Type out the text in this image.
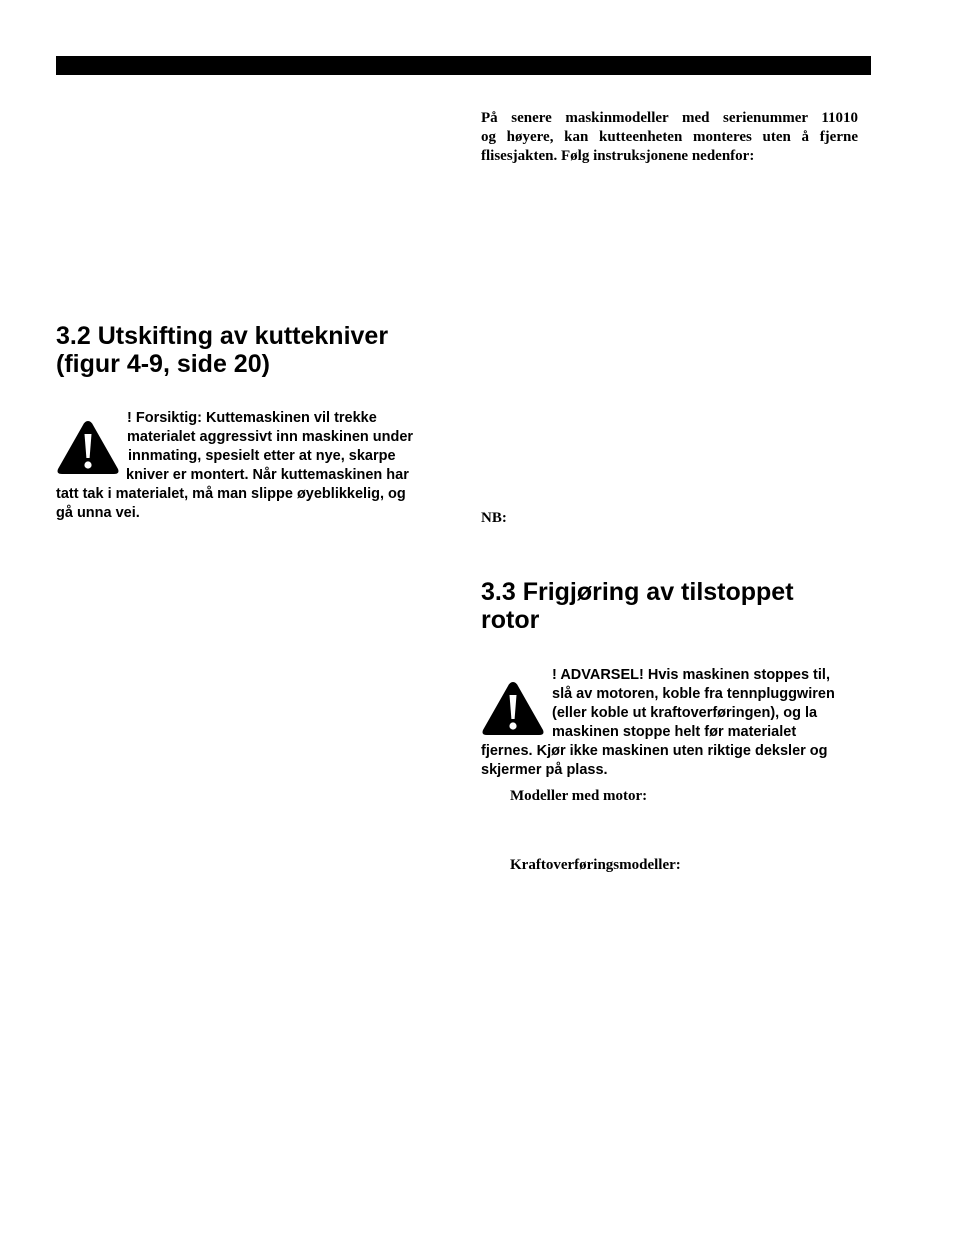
På senere maskinmodeller med serienummer 11010
og høyere, kan kutteenheten monteres uten å fjerne
flisesjakten. Følg instruksjonene nedenfor:
3.2 Utskifting av kuttekniver
(figur 4-9, side 20)
! Forsiktig: Kuttemaskinen vil trekke
materialet aggressivt inn maskinen under
innmating, spesielt etter at nye, skarpe
kniver er montert. Når kuttemaskinen har
tatt tak i materialet, må man slippe øyeblikkelig, og
gå unna vei.	NB:
3.3 Frigjøring av tilstoppet
rotor
! ADVARSEL! Hvis maskinen stoppes til,
slå av motoren, koble fra tennpluggwiren
(eller koble ut kraftoverføringen), og la
maskinen stoppe helt før materialet
fjernes. Kjør ikke maskinen uten riktige deksler og
skjermer på plass.
Modeller med motor:
Kraftoverføringsmodeller:
